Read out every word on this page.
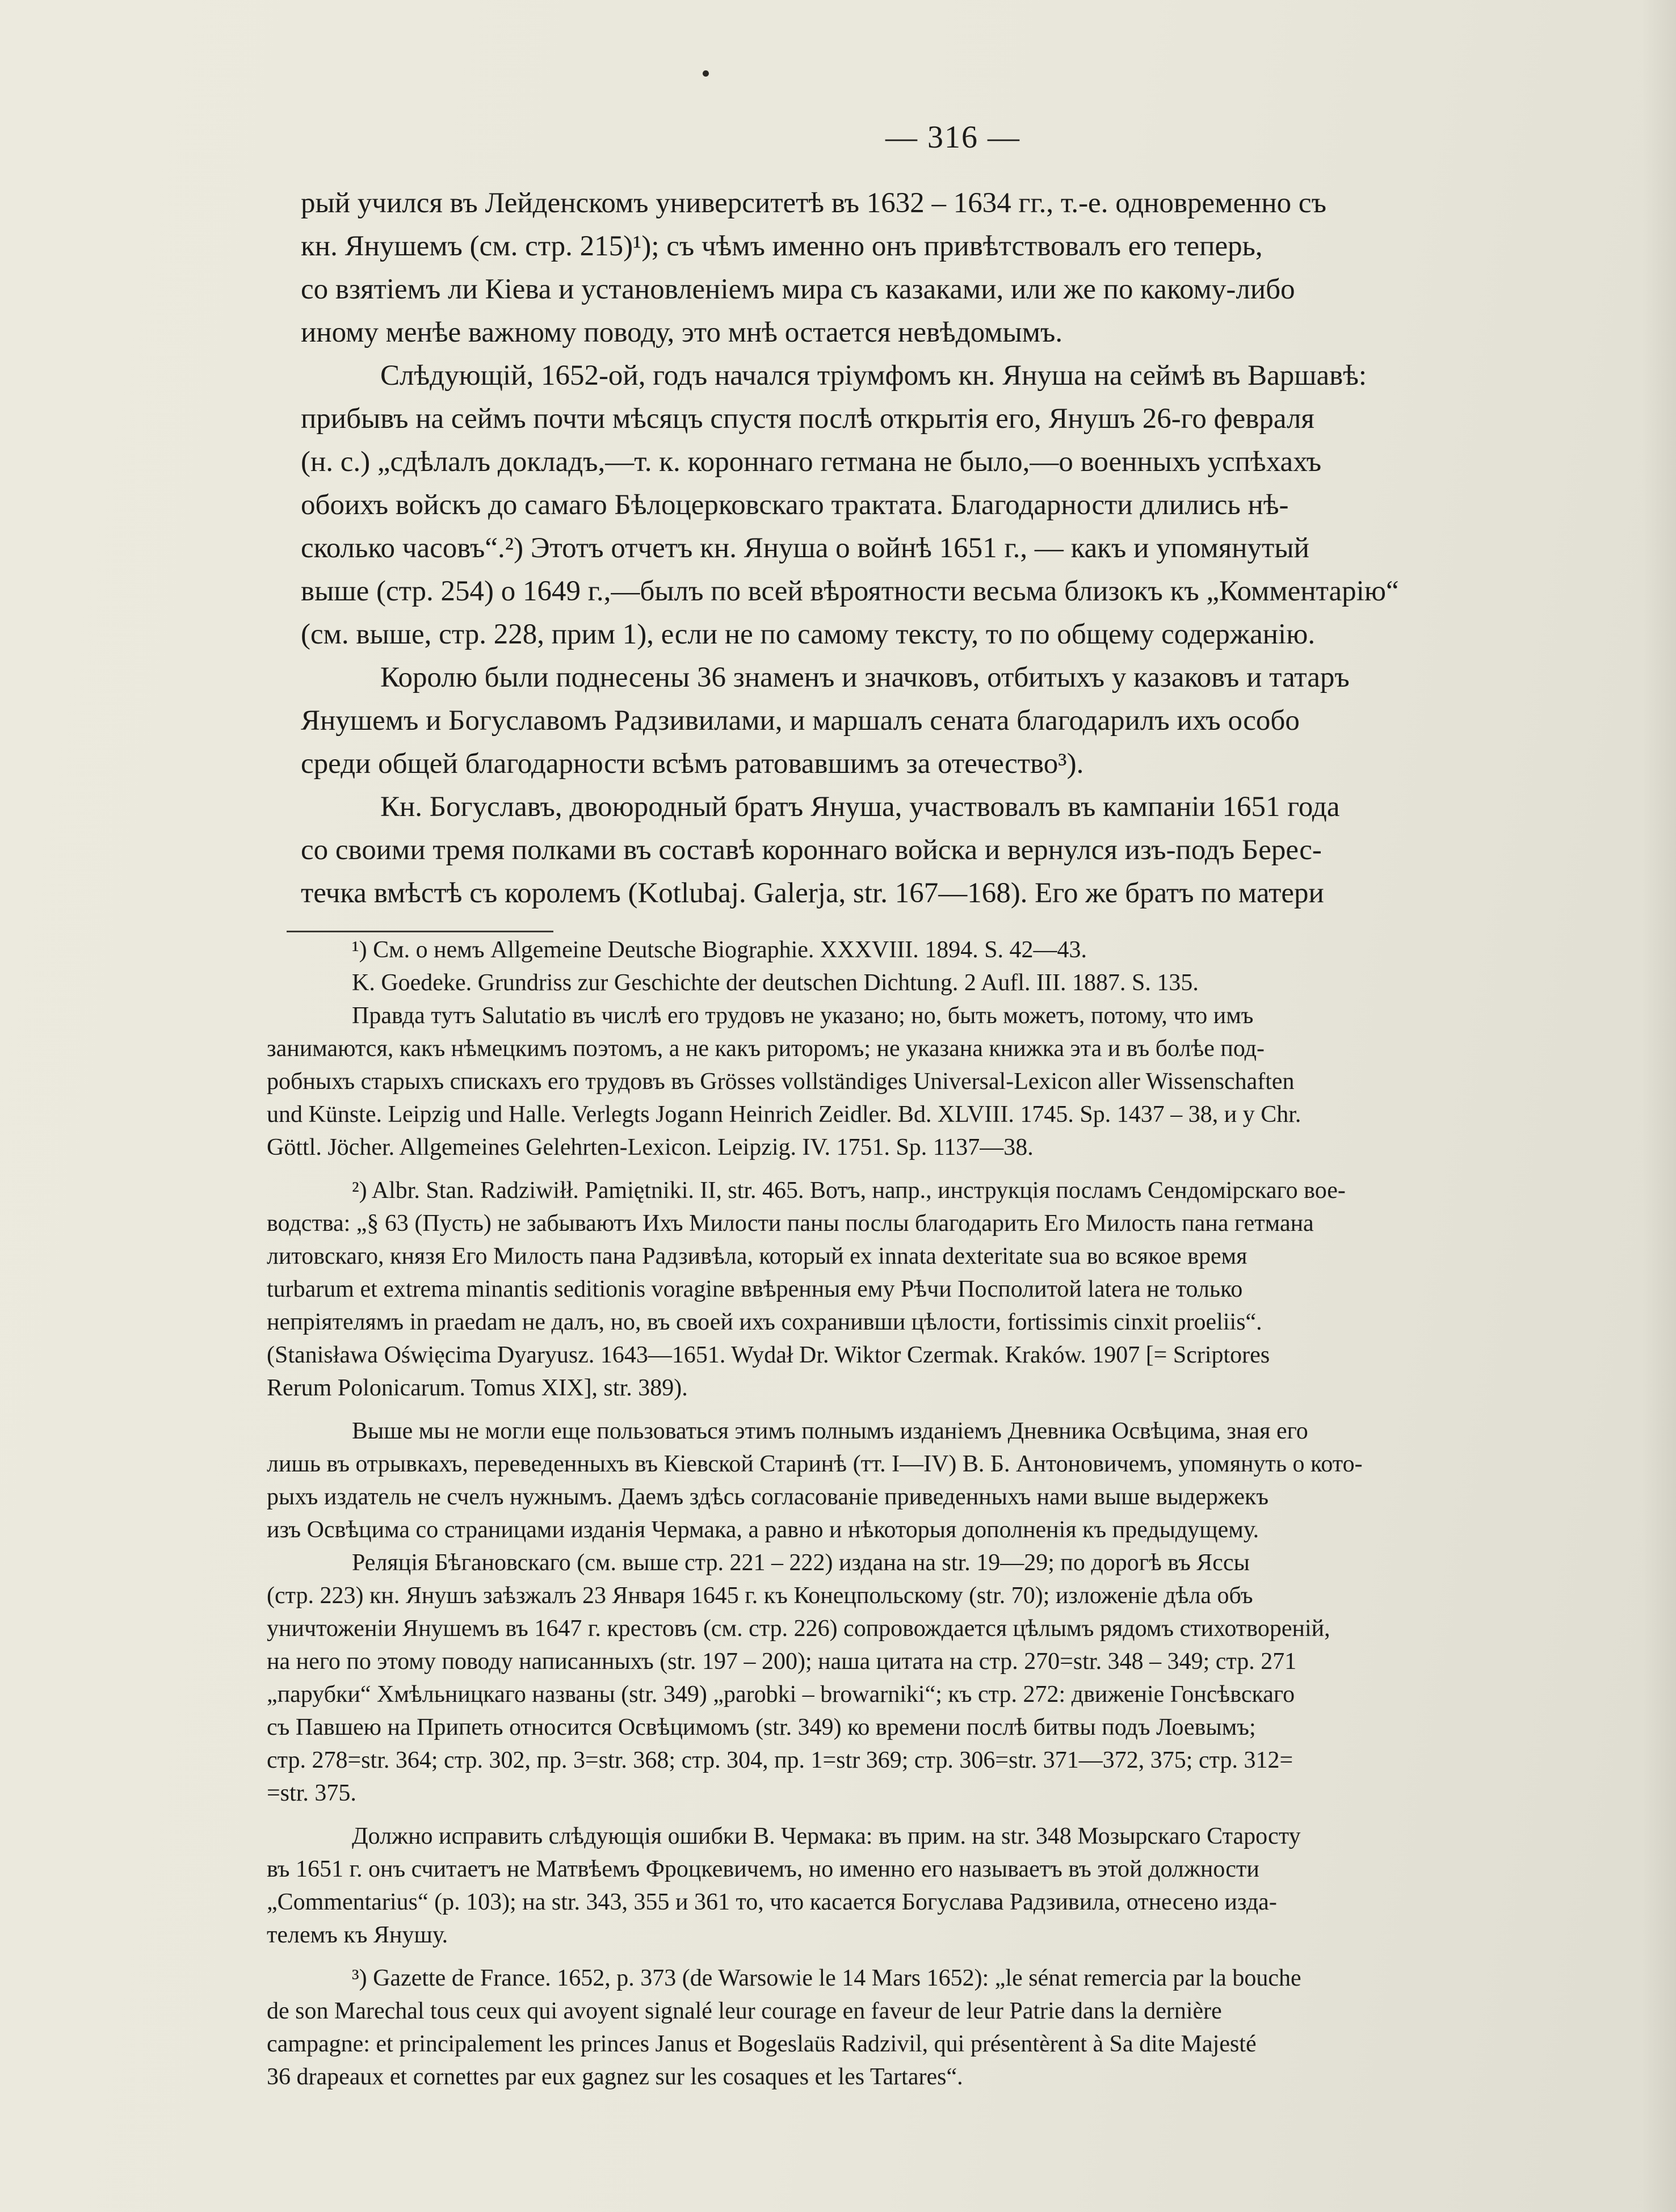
— 316 —
рый учился въ Лейденскомъ университетѣ въ 1632 – 1634 гг., т.-е. одновременно съ
кн. Янушемъ (см. стр. 215)¹); съ чѣмъ именно онъ привѣтствовалъ его теперь,
со взятіемъ ли Кіева и установленіемъ мира съ казаками, или же по какому-либо
иному менѣе важному поводу, это мнѣ остается невѣдомымъ.
Слѣдующій, 1652-ой, годъ начался тріумфомъ кн. Януша на сеймѣ въ Варшавѣ:
прибывъ на сеймъ почти мѣсяцъ спустя послѣ открытія его, Янушъ 26-го февраля
(н. с.) „сдѣлалъ докладъ,—т. к. короннаго гетмана не было,—о военныхъ успѣхахъ
обоихъ войскъ до самаго Бѣлоцерковскаго трактата. Благодарности длились нѣ-
сколько часовъ“.²) Этотъ отчетъ кн. Януша о войнѣ 1651 г., — какъ и упомянутый
выше (стр. 254) о 1649 г.,—былъ по всей вѣроятности весьма близокъ къ „Комментарію“
(см. выше, стр. 228, прим 1), если не по самому тексту, то по общему содержанію.
Королю были поднесены 36 знаменъ и значковъ, отбитыхъ у казаковъ и татаръ
Янушемъ и Богуславомъ Радзивилами, и маршалъ сената благодарилъ ихъ особо
среди общей благодарности всѣмъ ратовавшимъ за отечество³).
Кн. Богуславъ, двоюродный братъ Януша, участвовалъ въ кампаніи 1651 года
со своими тремя полками въ составѣ короннаго войска и вернулся изъ-подъ Берес-
течка вмѣстѣ съ королемъ (Kotlubaj. Galerja, str. 167—168). Его же братъ по матери
¹) См. о немъ Allgemeine Deutsche Biographie. XXXVIII. 1894. S. 42—43.
K. Goedeke. Grundriss zur Geschichte der deutschen Dichtung. 2 Aufl. III. 1887. S. 135.
Правда тутъ Salutatio въ числѣ его трудовъ не указано; но, быть можетъ, потому, что имъ
занимаются, какъ нѣмецкимъ поэтомъ, а не какъ риторомъ; не указана книжка эта и въ болѣе под-
робныхъ старыхъ спискахъ его трудовъ въ Grösses vollständiges Universal-Lexicon aller Wissenschaften
und Künste. Leipzig und Halle. Verlegts Jogann Heinrich Zeidler. Bd. XLVIII. 1745. Sp. 1437 – 38, и у Chr.
Göttl. Jöcher. Allgemeines Gelehrten-Lexicon. Leipzig. IV. 1751. Sp. 1137—38.
²) Albr. Stan. Radziwiłł. Pamiętniki. II, str. 465. Вотъ, напр., инструкція посламъ Сендомірскаго вое-
водства: „§ 63 (Пусть) не забываютъ Ихъ Милости паны послы благодарить Его Милость пана гетмана
литовскаго, князя Его Милость пана Радзивѣла, который ex innata dexteritate sua во всякое время
turbarum et extrema minantis seditionis voragine ввѣренныя ему Рѣчи Посполитой latera не только
непріятелямъ in praedam не далъ, но, въ своей ихъ сохранивши цѣлости, fortissimis cinxit proeliis“.
(Stanisława Oświęcima Dyaryusz. 1643—1651. Wydał Dr. Wiktor Czermak. Kraków. 1907 [= Scriptores
Rerum Polonicarum. Tomus XIX], str. 389).
Выше мы не могли еще пользоваться этимъ полнымъ изданіемъ Дневника Освѣцима, зная его
лишь въ отрывкахъ, переведенныхъ въ Кіевской Старинѣ (тт. I—IV) В. Б. Антоновичемъ, упомянуть о кото-
рыхъ издатель не счелъ нужнымъ. Даемъ здѣсь согласованіе приведенныхъ нами выше выдержекъ
изъ Освѣцима со страницами изданія Чермака, а равно и нѣкоторыя дополненія къ предыдущему.
Реляція Бѣгановскаго (см. выше стр. 221 – 222) издана на str. 19—29; по дорогѣ въ Яссы
(стр. 223) кн. Янушъ заѣзжалъ 23 Января 1645 г. къ Конецпольскому (str. 70); изложеніе дѣла объ
уничтоженіи Янушемъ въ 1647 г. крестовъ (см. стр. 226) сопровождается цѣлымъ рядомъ стихотвореній,
на него по этому поводу написанныхъ (str. 197 – 200); наша цитата на стр. 270=str. 348 – 349; стр. 271
„парубки“ Хмѣльницкаго названы (str. 349) „parobki – browarniki“; къ стр. 272: движеніе Гонсѣвскаго
съ Павшею на Припеть относится Освѣцимомъ (str. 349) ко времени послѣ битвы подъ Лоевымъ;
стр. 278=str. 364; стр. 302, пр. 3=str. 368; стр. 304, пр. 1=str 369; стр. 306=str. 371—372, 375; стр. 312=
=str. 375.
Должно исправить слѣдующія ошибки В. Чермака: въ прим. на str. 348 Мозырскаго Старосту
въ 1651 г. онъ считаетъ не Матвѣемъ Фроцкевичемъ, но именно его называетъ въ этой должности
„Commentarius“ (p. 103); на str. 343, 355 и 361 то, что касается Богуслава Радзивила, отнесено изда-
телемъ къ Янушу.
³) Gazette de France. 1652, p. 373 (de Warsowie le 14 Mars 1652): „le sénat remercia par la bouche
de son Marechal tous ceux qui avoyent signalé leur courage en faveur de leur Patrie dans la dernière
campagne: et principalement les princes Janus et Bogeslaüs Radzivil, qui présentèrent à Sa dite Majesté
36 drapeaux et cornettes par eux gagnez sur les cosaques et les Tartares“.
